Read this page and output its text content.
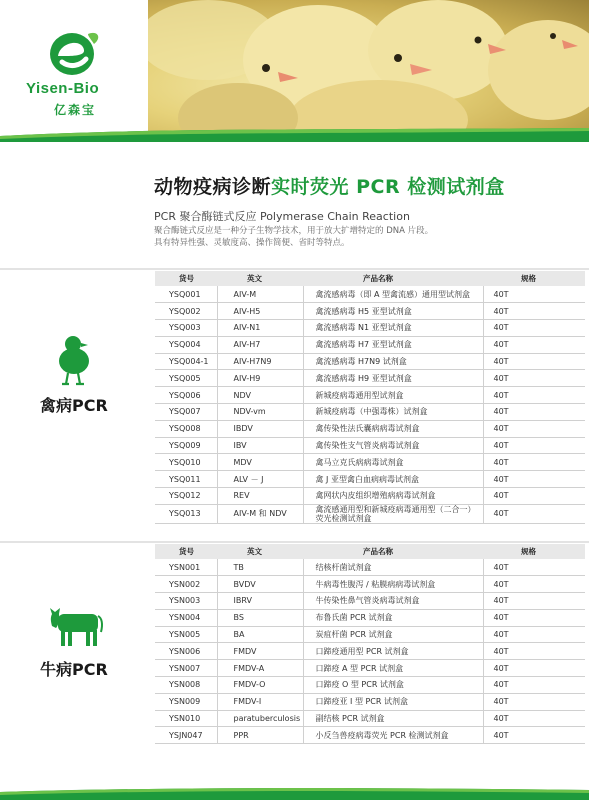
Yisen-Bio
亿森宝
动物疫病诊断实时荧光 PCR 检测试剂盒
PCR 聚合酶链式反应 Polymerase Chain Reaction
聚合酶链式反应是一种分子生物学技术，用于放大扩增特定的 DNA 片段。
具有特异性强、灵敏度高、操作简便、省时等特点。
货号	英文	产品名称	规格
YSQ001	AIV-M	禽流感病毒（即 A 型禽流感）通用型试剂盒	40T
YSQ002	AIV-H5	禽流感病毒 H5 亚型试剂盒	40T
YSQ003	AIV-N1	禽流感病毒 N1 亚型试剂盒	40T
YSQ004	AIV-H7	禽流感病毒 H7 亚型试剂盒	40T
YSQ004-1	AIV-H7N9	禽流感病毒 H7N9 试剂盒	40T
YSQ005	AIV-H9	禽流感病毒 H9 亚型试剂盒	40T
YSQ006	NDV	新城疫病毒通用型试剂盒	40T
YSQ007	NDV-vm	新城疫病毒（中强毒株）试剂盒	40T
YSQ008	IBDV	禽传染性法氏囊病病毒试剂盒	40T
YSQ009	IBV	禽传染性支气管炎病毒试剂盒	40T
YSQ010	MDV	禽马立克氏病病毒试剂盒	40T
YSQ011	ALV － J	禽 J 亚型禽白血病病毒试剂盒	40T
YSQ012	REV	禽网状内皮组织增殖病病毒试剂盒	40T
YSQ013	AIV-M 和 NDV	禽流感通用型和新城疫病毒通用型（二合一）荧光检测试剂盒	40T
禽病PCR
货号	英文	产品名称	规格
YSN001	TB	结核杆菌试剂盒	40T
YSN002	BVDV	牛病毒性腹泻 / 粘膜病病毒试剂盒	40T
YSN003	IBRV	牛传染性鼻气管炎病毒试剂盒	40T
YSN004	BS	布鲁氏菌 PCR 试剂盒	40T
YSN005	BA	炭疽杆菌 PCR 试剂盒	40T
YSN006	FMDV	口蹄疫通用型 PCR 试剂盒	40T
YSN007	FMDV-A	口蹄疫 A 型 PCR 试剂盒	40T
YSN008	FMDV-O	口蹄疫 O 型 PCR 试剂盒	40T
YSN009	FMDV-I	口蹄疫亚 I 型 PCR 试剂盒	40T
YSN010	paratuberculosis	副结核 PCR 试剂盒	40T
YSJN047	PPR	小反刍兽疫病毒荧光 PCR 检测试剂盒	40T
牛病PCR
